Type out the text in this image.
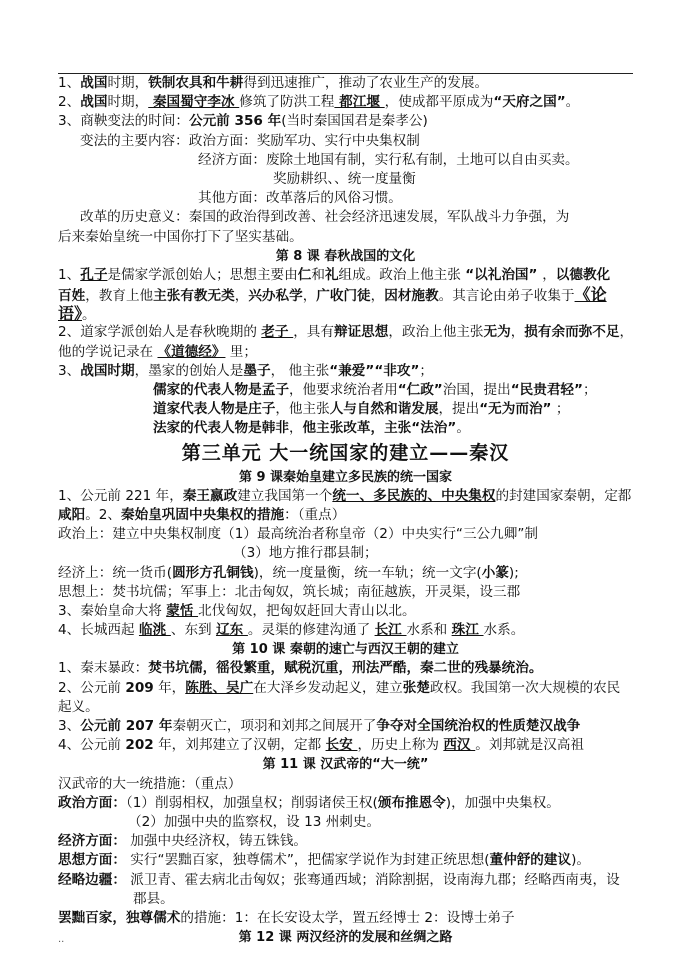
1、战国时期，铁制农具和牛耕得到迅速推广，推动了农业生产的发展。
2、战国时期， 秦国蜀守李冰 修筑了防洪工程 都江堰 ，使成都平原成为“天府之国”。
3、商鞅变法的时间：公元前 356 年(当时秦国国君是秦孝公)
变法的主要内容：政治方面：奖励军功、实行中央集权制
经济方面：废除土地国有制，实行私有制，土地可以自由买卖。
奖励耕织、、统一度量衡
其他方面：改革落后的风俗习惯。
改革的历史意义：秦国的政治得到改善、社会经济迅速发展，军队战斗力争强，为
后来秦始皇统一中国你打下了坚实基础。
第 8 课 春秋战国的文化
1、孔子是儒家学派创始人；思想主要由仁和礼组成。政治上他主张 “以礼治国” ，以德教化
百姓，教育上他主张有教无类，兴办私学，广收门徒，因材施教。其言论由弟子收集于《论
语》。
2、道家学派创始人是春秋晚期的 老子 ，具有辩证思想，政治上他主张无为，损有余而弥不足，
他的学说记录在 《道德经》 里；
3、战国时期，墨家的创始人是墨子， 他主张“兼爱”“非攻”；
儒家的代表人物是孟子，他要求统治者用“仁政”治国，提出“民贵君轻”；
道家代表人物是庄子，他主张人与自然和谐发展，提出“无为而治” ；
法家的代表人物是韩非，他主张改革，主张“法治”。
第三单元 大一统国家的建立——秦汉
第 9 课秦始皇建立多民族的统一国家
1、公元前 221 年，秦王嬴政建立我国第一个统一、多民族的、中央集权的封建国家秦朝，定都
咸阳。2、秦始皇巩固中央集权的措施：（重点）
政治上：建立中央集权制度（1）最高统治者称皇帝（2）中央实行“三公九卿”制
（3）地方推行郡县制；
经济上：统一货币(圆形方孔铜钱)，统一度量衡，统一车轨；统一文字(小篆);
思想上：焚书坑儒；军事上：北击匈奴，筑长城；南征越族，开灵渠，设三郡
3、秦始皇命大将 蒙恬 北伐匈奴，把匈奴赶回大青山以北。
4、长城西起 临洮 、东到 辽东 。灵渠的修建沟通了 长江 水系和 珠江 水系。
第 10 课 秦朝的速亡与西汉王朝的建立
1、秦末暴政：焚书坑儒，徭役繁重，赋税沉重，刑法严酷，秦二世的残暴统治。
2、公元前 209 年，陈胜、吴广在大泽乡发动起义，建立张楚政权。我国第一次大规模的农民
起义。
3、公元前 207 年秦朝灭亡，项羽和刘邦之间展开了争夺对全国统治权的性质楚汉战争
4、公元前 202 年，刘邦建立了汉朝，定都 长安 ，历史上称为 西汉 。刘邦就是汉高祖
第 11 课 汉武帝的“大一统”
汉武帝的大一统措施：（重点）
政治方面：（1）削弱相权，加强皇权；削弱诸侯王权(颁布推恩令)，加强中央集权。
（2）加强中央的监察权，设 13 州刺史。
经济方面： 加强中央经济权，铸五铢钱。
思想方面： 实行“罢黜百家，独尊儒术”，把儒家学说作为封建正统思想(董仲舒的建议)。
经略边疆： 派卫青、霍去病北击匈奴；张骞通西域；消除割据，设南海九郡；经略西南夷，设
郡县。
罢黜百家，独尊儒术的措施：1：在长安设太学，置五经博士 2：设博士弟子
第 12 课 两汉经济的发展和丝绸之路
..
